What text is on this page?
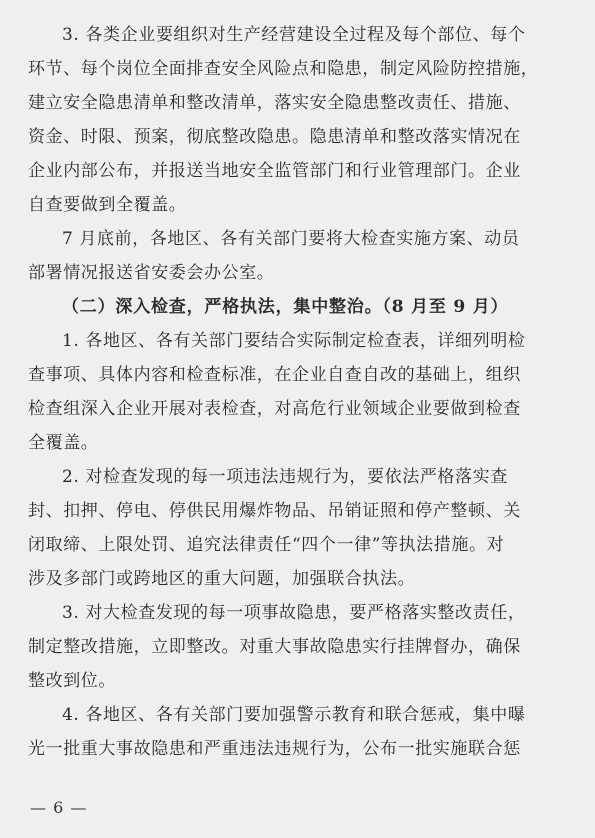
3. 各类企业要组织对生产经营建设全过程及每个部位、每个
环节、每个岗位全面排查安全风险点和隐患，制定风险防控措施，
建立安全隐患清单和整改清单，落实安全隐患整改责任、措施、
资金、时限、预案，彻底整改隐患。隐患清单和整改落实情况在
企业内部公布，并报送当地安全监管部门和行业管理部门。企业
自查要做到全覆盖。
7 月底前，各地区、各有关部门要将大检查实施方案、动员
部署情况报送省安委会办公室。
（二）深入检查，严格执法，集中整治。（8 月至 9 月）
1. 各地区、各有关部门要结合实际制定检查表，详细列明检
查事项、具体内容和检查标准，在企业自查自改的基础上，组织
检查组深入企业开展对表检查，对高危行业领域企业要做到检查
全覆盖。
2. 对检查发现的每一项违法违规行为，要依法严格落实查
封、扣押、停电、停供民用爆炸物品、吊销证照和停产整顿、关
闭取缔、上限处罚、追究法律责任“四个一律”等执法措施。对
涉及多部门或跨地区的重大问题，加强联合执法。
3. 对大检查发现的每一项事故隐患，要严格落实整改责任，
制定整改措施，立即整改。对重大事故隐患实行挂牌督办，确保
整改到位。
4. 各地区、各有关部门要加强警示教育和联合惩戒，集中曝
光一批重大事故隐患和严重违法违规行为，公布一批实施联合惩
— 6 —
